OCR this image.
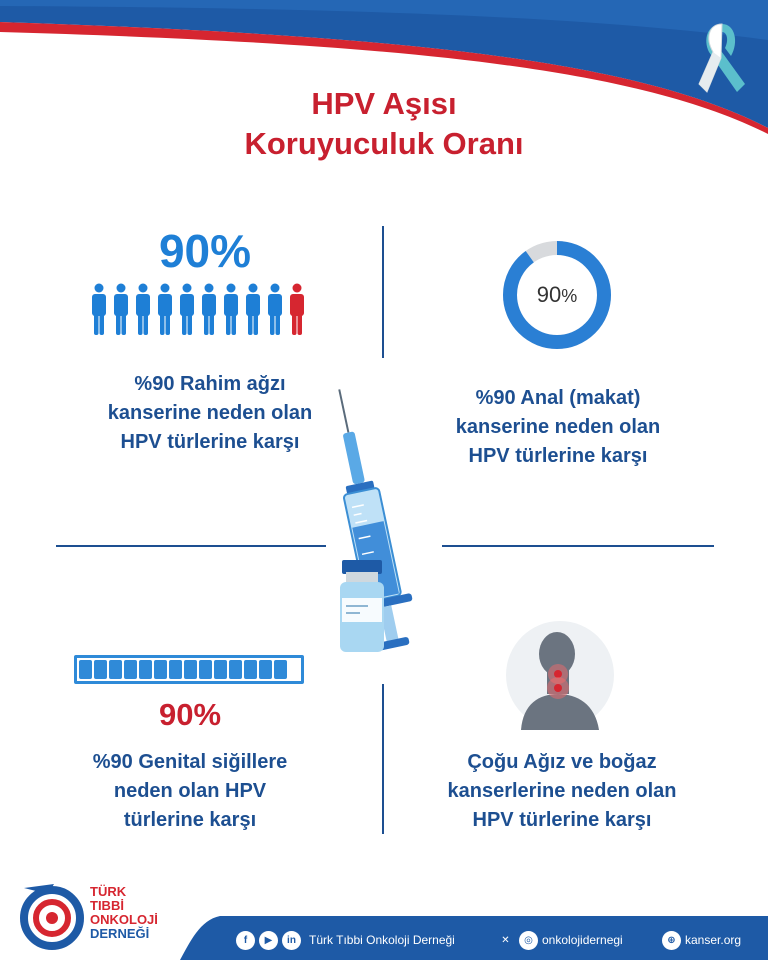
HPV Aşısı
Koruyuculuk Oranı
90%
%90 Rahim ağzı
kanserine neden olan
HPV türlerine karşı
90%
%90 Anal (makat)
kanserine neden olan
HPV türlerine karşı
90%
%90 Genital siğillere
neden olan HPV
türlerine karşı
Çoğu Ağız ve boğaz
kanserlerine neden olan
HPV türlerine karşı
TÜRK
TIBBİ
ONKOLOJİ
DERNEĞİ	f	▶	in	Türk Tıbbi Onkoloji Derneği	✕	◎ onkolojidernegi	⊕ kanser.org
